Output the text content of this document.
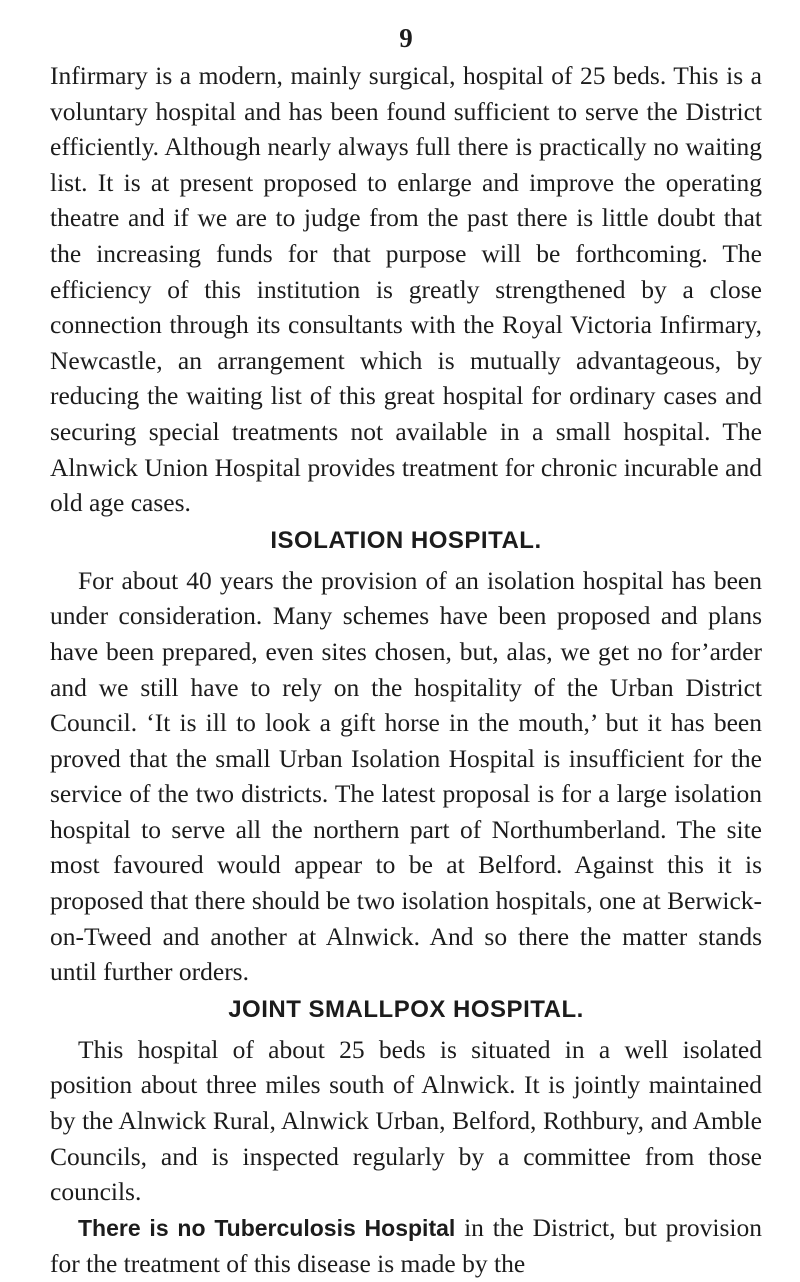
9

Infirmary is a modern, mainly surgical, hospital of 25 beds. This is a voluntary hospital and has been found sufficient to serve the District efficiently. Although nearly always full there is practically no waiting list. It is at present proposed to enlarge and improve the operating theatre and if we are to judge from the past there is little doubt that the increasing funds for that purpose will be forthcoming. The efficiency of this institution is greatly strengthened by a close connection through its consultants with the Royal Victoria Infirmary, Newcastle, an arrangement which is mutually advantageous, by reducing the waiting list of this great hospital for ordinary cases and securing special treatments not available in a small hospital. The Alnwick Union Hospital provides treatment for chronic incurable and old age cases.

ISOLATION HOSPITAL.

For about 40 years the provision of an isolation hospital has been under consideration. Many schemes have been proposed and plans have been prepared, even sites chosen, but, alas, we get no for’arder and we still have to rely on the hospitality of the Urban District Council. ‘It is ill to look a gift horse in the mouth,’ but it has been proved that the small Urban Isolation Hospital is insufficient for the service of the two districts. The latest proposal is for a large isolation hospital to serve all the northern part of Northumberland. The site most favoured would appear to be at Belford. Against this it is proposed that there should be two isolation hospitals, one at Berwick-on-Tweed and another at Alnwick. And so there the matter stands until further orders.

JOINT SMALLPOX HOSPITAL.

This hospital of about 25 beds is situated in a well isolated position about three miles south of Alnwick. It is jointly maintained by the Alnwick Rural, Alnwick Urban, Belford, Rothbury, and Amble Councils, and is inspected regularly by a committee from those councils.

There is no Tuberculosis Hospital in the District, but provision for the treatment of this disease is made by the
